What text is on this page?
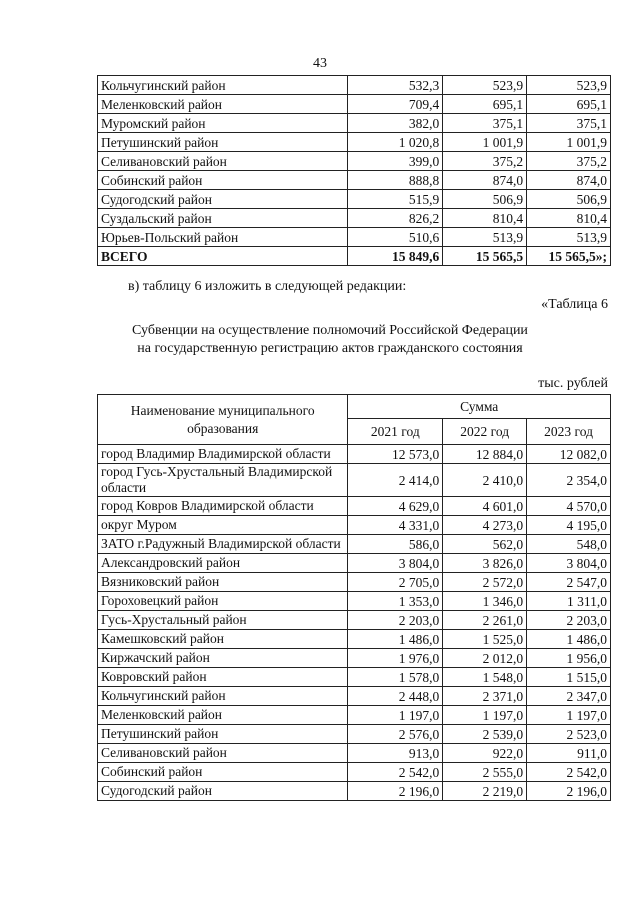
43
Кольчугинский район	532,3	523,9	523,9
Меленковский район	709,4	695,1	695,1
Муромский район	382,0	375,1	375,1
Петушинский район	1 020,8	1 001,9	1 001,9
Селивановский район	399,0	375,2	375,2
Собинский район	888,8	874,0	874,0
Судогодский район	515,9	506,9	506,9
Суздальский район	826,2	810,4	810,4
Юрьев-Польский район	510,6	513,9	513,9
ВСЕГО	15 849,6	15 565,5	15 565,5»;
в) таблицу 6 изложить в следующей редакции:
«Таблица 6
Субвенции на осуществление полномочий Российской Федерации
на государственную регистрацию актов гражданского состояния
тыс. рублей
Наименование муниципального образования	Сумма		
	2021 год	2022 год	2023 год
город Владимир Владимирской области	12 573,0	12 884,0	12 082,0
город Гусь-Хрустальный Владимирской области	2 414,0	2 410,0	2 354,0
город Ковров Владимирской области	4 629,0	4 601,0	4 570,0
округ Муром	4 331,0	4 273,0	4 195,0
ЗАТО г.Радужный Владимирской области	586,0	562,0	548,0
Александровский район	3 804,0	3 826,0	3 804,0
Вязниковский район	2 705,0	2 572,0	2 547,0
Гороховецкий район	1 353,0	1 346,0	1 311,0
Гусь-Хрустальный район	2 203,0	2 261,0	2 203,0
Камешковский район	1 486,0	1 525,0	1 486,0
Киржачский район	1 976,0	2 012,0	1 956,0
Ковровский район	1 578,0	1 548,0	1 515,0
Кольчугинский район	2 448,0	2 371,0	2 347,0
Меленковский район	1 197,0	1 197,0	1 197,0
Петушинский район	2 576,0	2 539,0	2 523,0
Селивановский район	913,0	922,0	911,0
Собинский район	2 542,0	2 555,0	2 542,0
Судогодский район	2 196,0	2 219,0	2 196,0
